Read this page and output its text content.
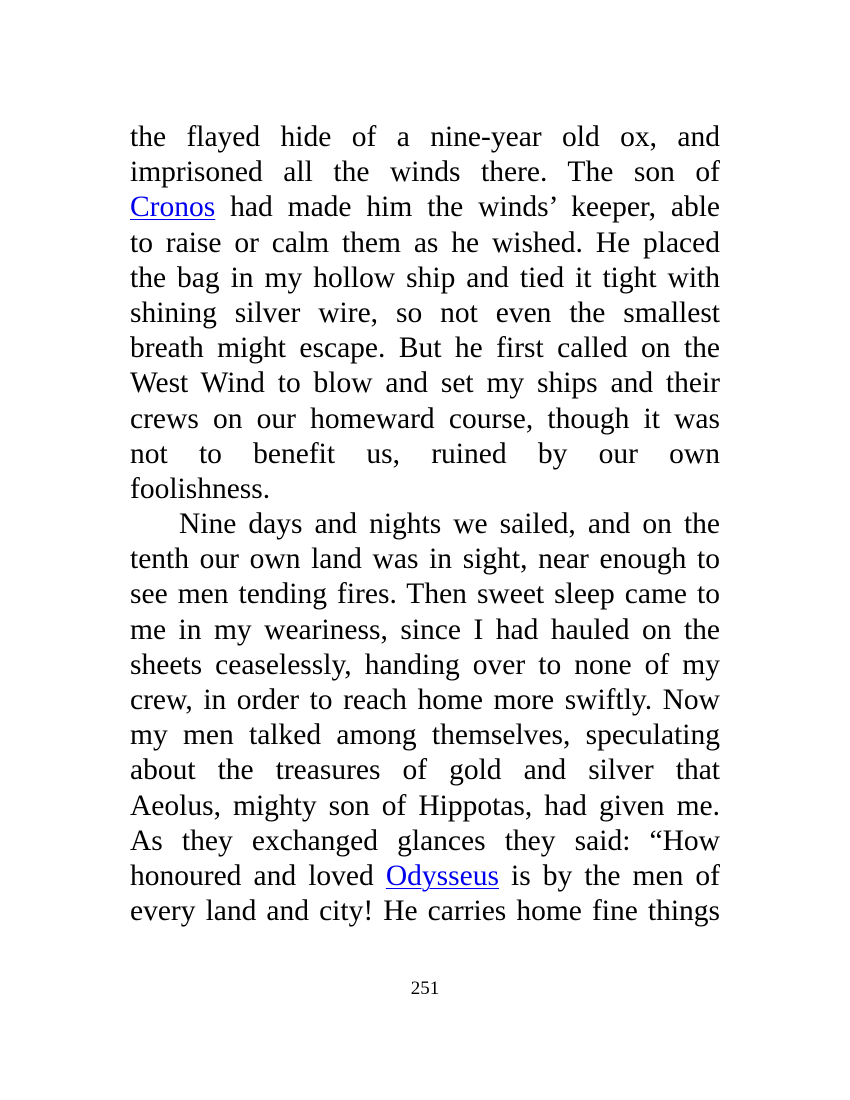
the flayed hide of a nine-year old ox, and
imprisoned all the winds there. The son of
Cronos had made him the winds’ keeper, able
to raise or calm them as he wished. He placed
the bag in my hollow ship and tied it tight with
shining silver wire, so not even the smallest
breath might escape. But he first called on the
West Wind to blow and set my ships and their
crews on our homeward course, though it was
not to benefit us, ruined by our own
foolishness.
Nine days and nights we sailed, and on the
tenth our own land was in sight, near enough to
see men tending fires. Then sweet sleep came to
me in my weariness, since I had hauled on the
sheets ceaselessly, handing over to none of my
crew, in order to reach home more swiftly. Now
my men talked among themselves, speculating
about the treasures of gold and silver that
Aeolus, mighty son of Hippotas, had given me.
As they exchanged glances they said: “How
honoured and loved Odysseus is by the men of
every land and city! He carries home fine things
251
